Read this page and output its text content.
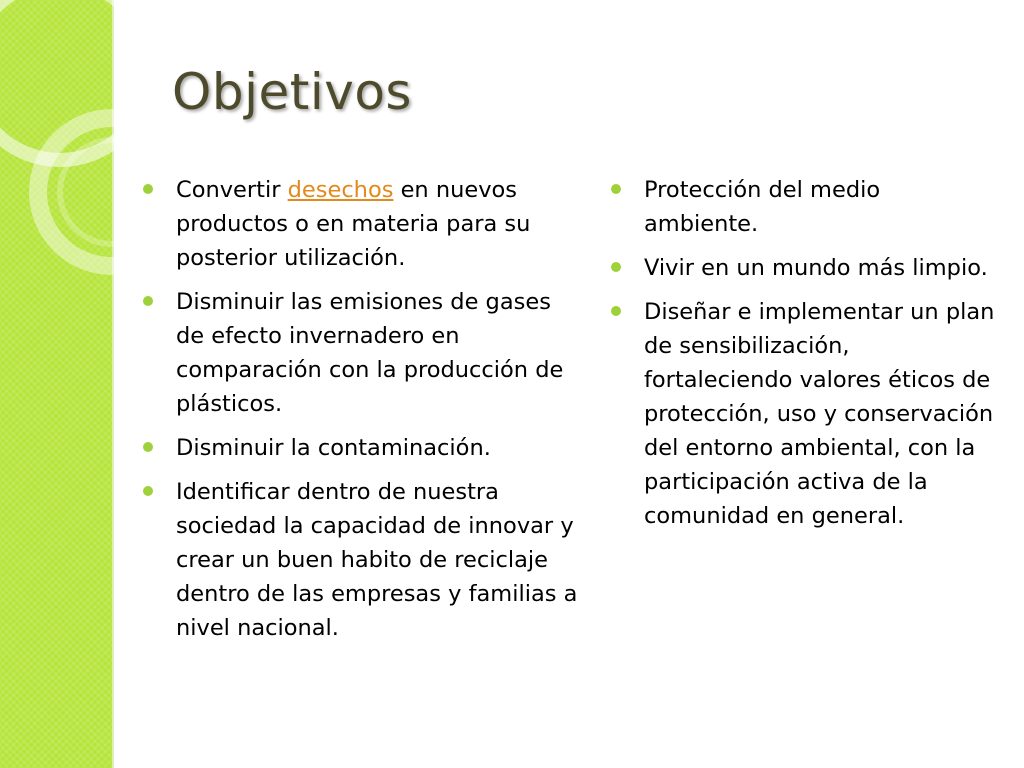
Objetivos
Convertir desechos en nuevos productos o en materia para su posterior utilización.
Disminuir las emisiones de gases de efecto invernadero en comparación con la producción de plásticos.
Disminuir la contaminación.
Identificar dentro de nuestra sociedad la capacidad de innovar y crear un buen habito de reciclaje dentro de las empresas y familias a nivel nacional.
Protección del medio ambiente.
Vivir en un mundo más limpio.
Diseñar e implementar un plan de sensibilización, fortaleciendo valores éticos de protección, uso y conservación del entorno ambiental, con la participación activa de la comunidad en general.
